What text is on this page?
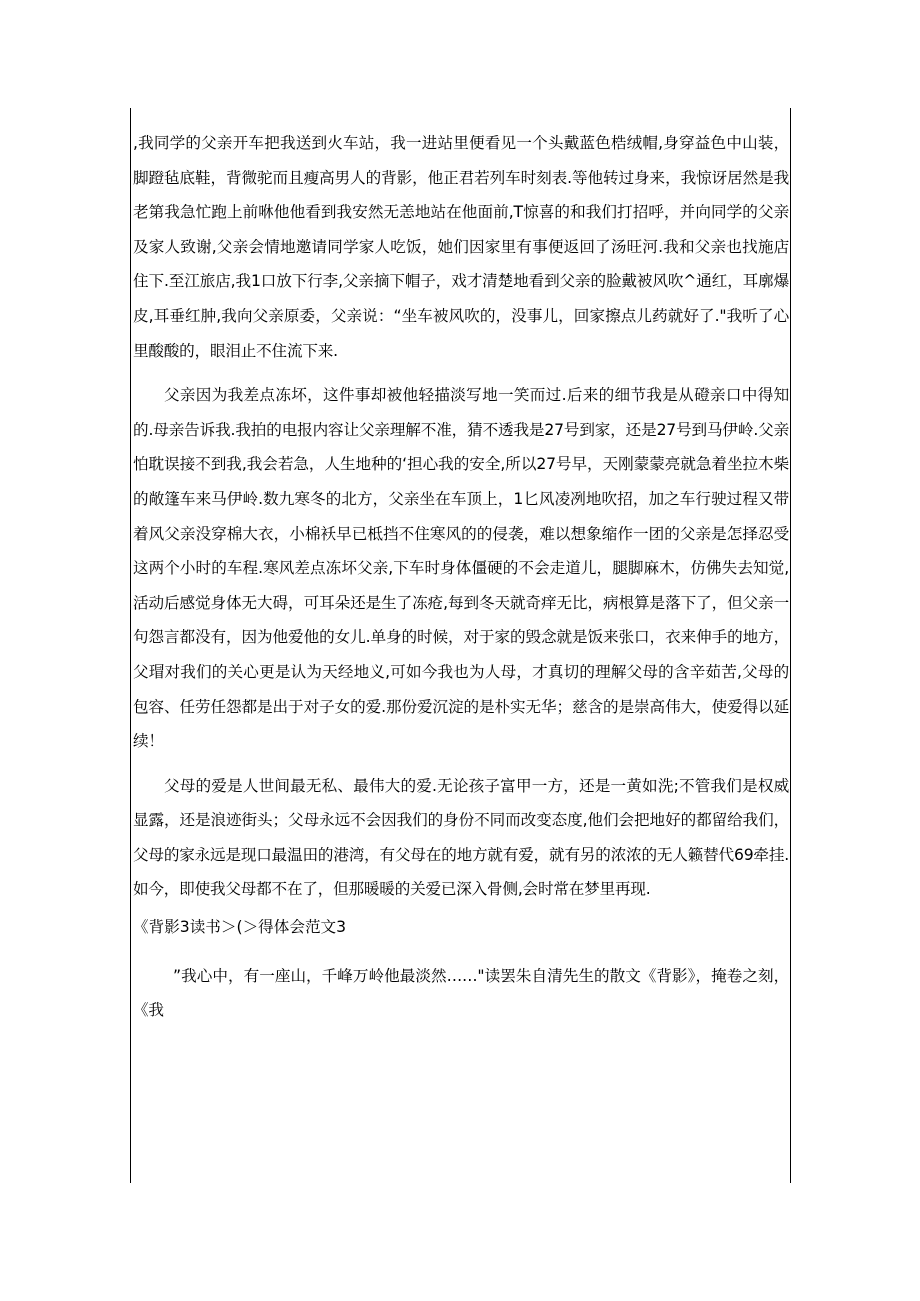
,我同学的父亲开车把我送到火车站，我一进站里便看见一个头戴蓝色梏绒帽,身穿益色中山装，脚蹬毡底鞋，背微驼而且瘦高男人的背影，他正君若列车时刻表.等他转过身来，我惊讶居然是我老第我急忙跑上前咻他他看到我安然无恙地站在他面前,T惊喜的和我们打招呼，并向同学的父亲及家人致谢,父亲会情地邀请同学家人吃饭，她们因家里有事便返回了汤旺河.我和父亲也找施店住下.至江旅店,我1口放下行李,父亲摘下帽子，戏才清楚地看到父亲的脸戴被风吹^通红，耳廓爆皮,耳垂红肿,我向父亲原委，父亲说：“坐车被风吹的，没事儿，回家擦点儿药就好了."我听了心里酸酸的，眼泪止不住流下来.

父亲因为我差点冻坏，这件事却被他轻描淡写地一笑而过.后来的细节我是从磴亲口中得知的.母亲告诉我.我拍的电报内容让父亲理解不准，猜不透我是27号到家，还是27号到马伊岭.父亲怕耽误接不到我,我会若急，人生地种的‘担心我的安全,所以27号早，天刚蒙蒙亮就急着坐拉木柴的敞篷车来马伊岭.数九寒冬的北方，父亲坐在车顶上，1匕风凌冽地吹招，加之车行驶过程又带着风父亲没穿棉大衣，小棉袄早已柢挡不住寒风的的侵袭，难以想象缩作一团的父亲是怎择忍受这两个小时的车程.寒风差点冻坏父亲,下车时身体僵硬的不会走道儿，腿脚麻木，仿佛失去知觉,活动后感觉身体无大碍，可耳朵还是生了冻疮,每到冬天就奇痒无比，病根算是落下了，但父亲一句怨言都没有，因为他爱他的女儿.单身的时候，对于家的毁念就是饭来张口，衣来伸手的地方，父瑁对我们的关心更是认为天经地义,可如今我也为人母，才真切的理解父母的含辛茹苦,父母的包容、任劳任怨都是出于对子女的爱.那份爱沉淀的是朴实无华；慈含的是崇高伟大，使爱得以延续！

父母的爱是人世间最无私、最伟大的爱.无论孩子富甲一方，还是一黄如洗;不管我们是权威显露，还是浪迹街头；父母永远不会因我们的身份不同而改变态度,他们会把地好的都留给我们，父母的家永远是现口最温田的港湾，有父母在的地方就有爱，就有另的浓浓的无人籁替代69牵挂.如今，即使我父母都不在了，但那暖暖的关爱已深入骨侧,会时常在梦里再现.

《背影3读书＞(＞得体会范文3

”我心中，有一座山，千峰万岭他最淡然……"读罢朱自清先生的散文《背影》，掩卷之刻，《我
